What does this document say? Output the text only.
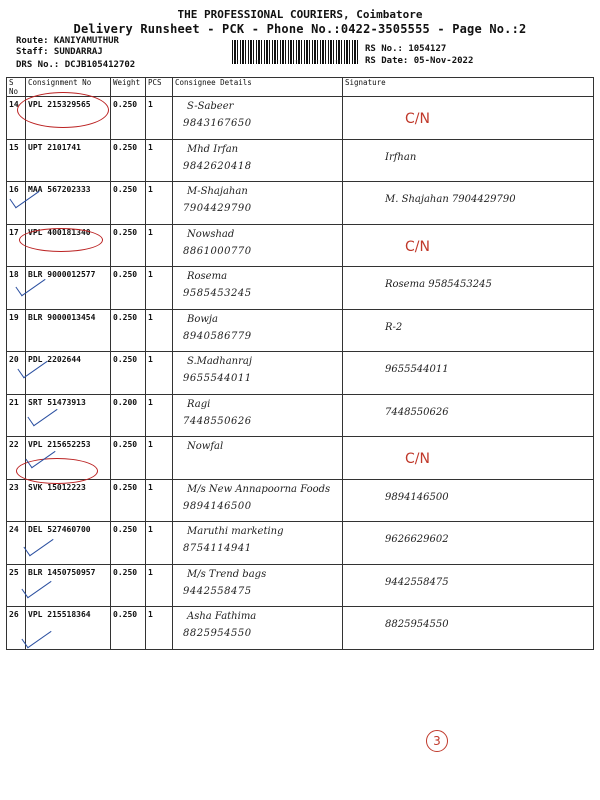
THE PROFESSIONAL COURIERS, Coimbatore
Delivery Runsheet - PCK - Phone No.:0422-3505555 - Page No.:2
Route: KANIYAMUTHUR
Staff: SUNDARRAJ
DRS No.: DCJB105412702
RS No.: 1054127
RS Date: 05-Nov-2022
S No	Consignment No	Weight	PCS	Consignee Details	Signature

14	VPL 215329565	0.250	1	S-Sabeer
9843167650	C/N

15	UPT 2101741	0.250	1	Mhd Irfan
9842620418	Irfhan

16	MAA 567202333	0.250	1	M-Shajahan
7904429790	M. Shajahan 7904429790

17	VPL 400181340	0.250	1	Nowshad
8861000770	C/N

18	BLR 9000012577	0.250	1	Rosema
9585453245	Rosema 9585453245

19	BLR 9000013454	0.250	1	Bowja
8940586779	R-2

20	PDL 2202644	0.250	1	S.Madhanraj
9655544011	9655544011

21	SRT 51473913	0.200	1	Ragi
7448550626	7448550626

22	VPL 215652253	0.250	1	Nowfal	C/N

23	SVK 15012223	0.250	1	M/s New Annapoorna Foods
9894146500	9894146500

24	DEL 527460700	0.250	1	Maruthi marketing
8754114941	9626629602

25	BLR 1450750957	0.250	1	M/s Trend bags
9442558475	9442558475

26	VPL 215518364	0.250	1	Asha Fathima
8825954550	8825954550
3
